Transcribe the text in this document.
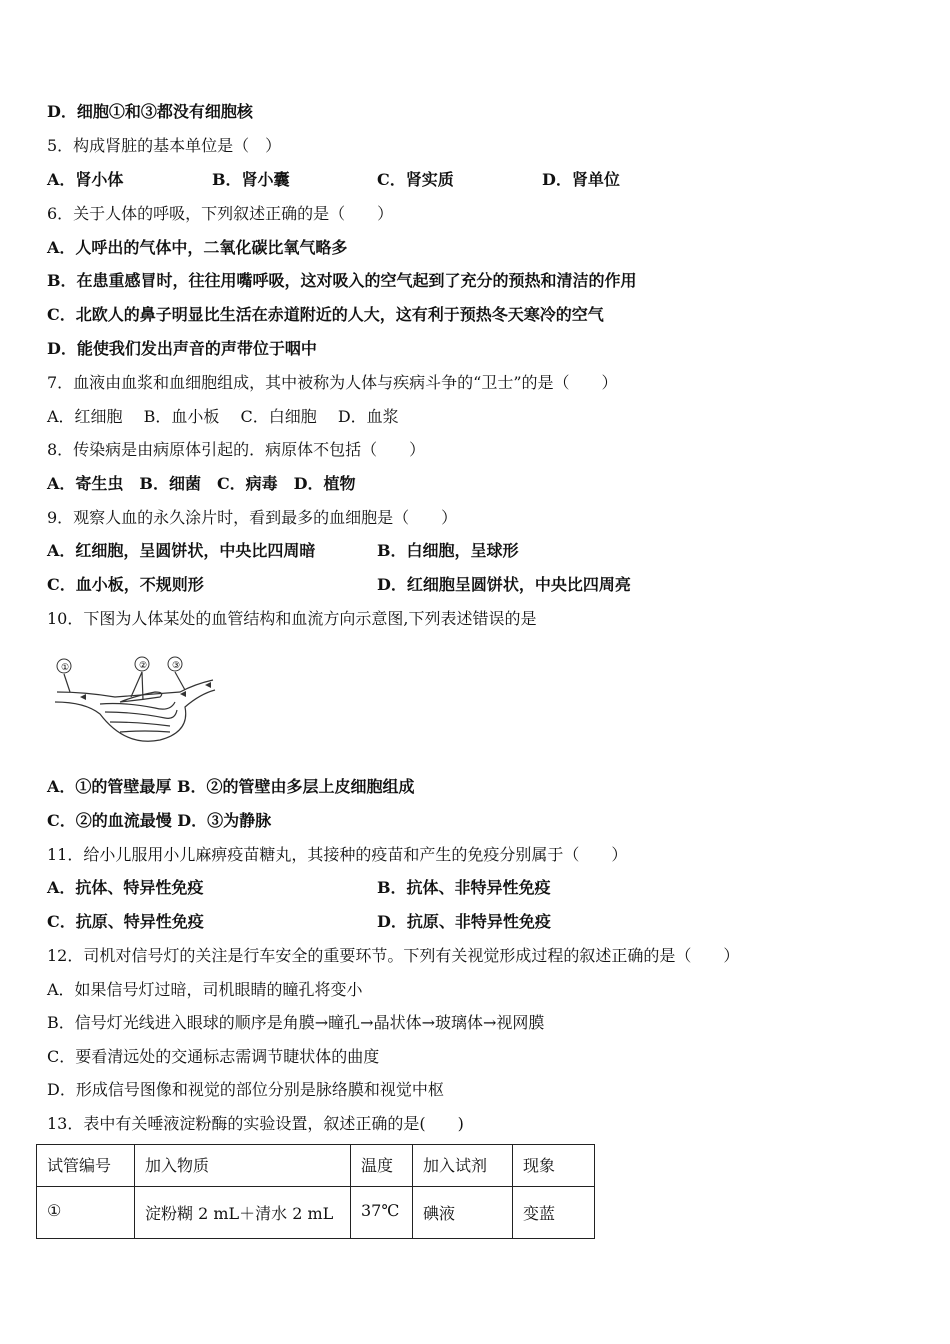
D．细胞①和③都没有细胞核
5．构成肾脏的基本单位是（　）
A．肾小体	B．肾小囊	C．肾实质	D．肾单位
6．关于人体的呼吸，下列叙述正确的是（　　）
A．人呼出的气体中，二氧化碳比氧气略多
B．在患重感冒时，往往用嘴呼吸，这对吸入的空气起到了充分的预热和清洁的作用
C．北欧人的鼻子明显比生活在赤道附近的人大，这有利于预热冬天寒冷的空气
D．能使我们发出声音的声带位于咽中
7．血液由血浆和血细胞组成，其中被称为人体与疾病斗争的“卫士”的是（　　）
A．红细胞　 B．血小板　 C．白细胞　 D．血浆
8．传染病是由病原体引起的．病原体不包括（　　）
A．寄生虫　B．细菌　C．病毒　D．植物
9．观察人血的永久涂片时，看到最多的血细胞是（　　）
A．红细胞，呈圆饼状，中央比四周暗	B．白细胞，呈球形
C．血小板，不规则形	D．红细胞呈圆饼状，中央比四周亮
10．下图为人体某处的血管结构和血流方向示意图,下列表述错误的是
①	②	③
A．①的管壁最厚 B．②的管壁由多层上皮细胞组成
C．②的血流最慢 D．③为静脉
11．给小儿服用小儿麻痹疫苗糖丸，其接种的疫苗和产生的免疫分别属于（　　）
A．抗体、特异性免疫	B．抗体、非特异性免疫
C．抗原、特异性免疫	D．抗原、非特异性免疫
12．司机对信号灯的关注是行车安全的重要环节。下列有关视觉形成过程的叙述正确的是（　　）
A．如果信号灯过暗，司机眼睛的瞳孔将变小
B．信号灯光线进入眼球的顺序是角膜→瞳孔→晶状体→玻璃体→视网膜
C．要看清远处的交通标志需调节睫状体的曲度
D．形成信号图像和视觉的部位分别是脉络膜和视觉中枢
13．表中有关唾液淀粉酶的实验设置，叙述正确的是(　　)
试管编号	加入物质	温度	加入试剂	现象
①	淀粉糊 2 mL＋清水 2 mL	37℃	碘液	变蓝
